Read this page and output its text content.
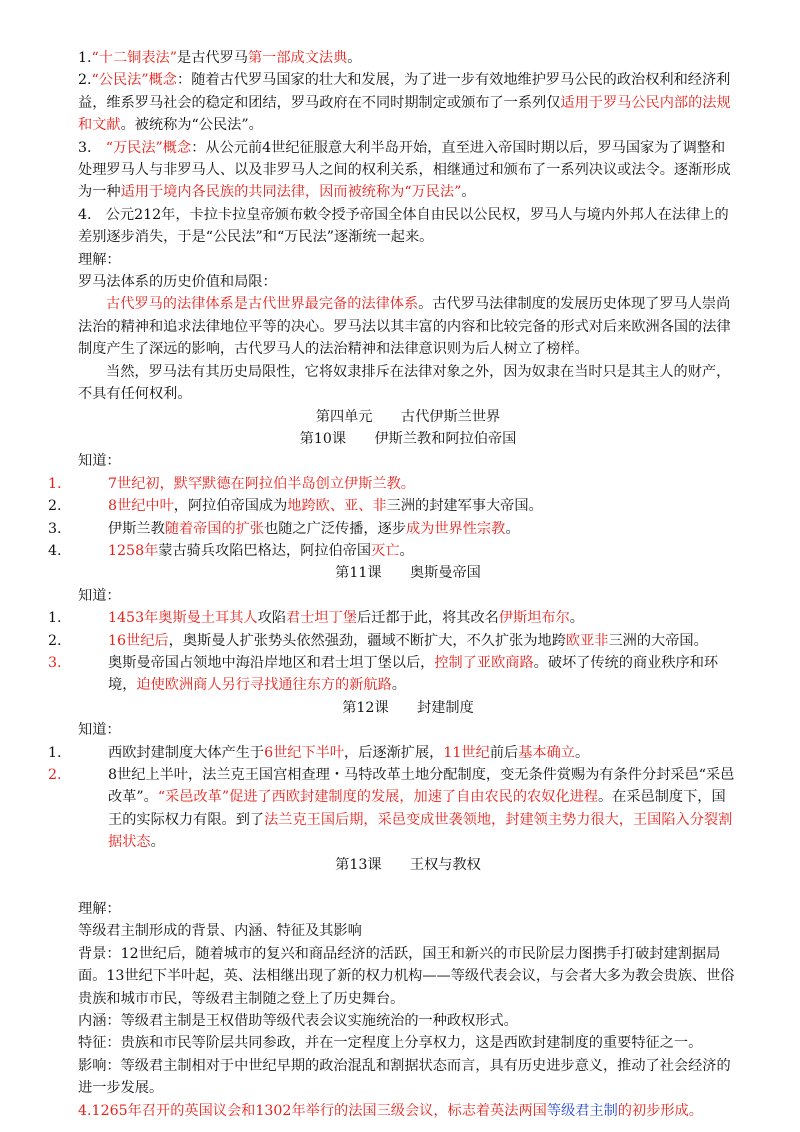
1.“十二铜表法”是古代罗马第一部成文法典。

2.“公民法”概念：随着古代罗马国家的壮大和发展，为了进一步有效地维护罗马公民的政治权利和经济利益，维系罗马社会的稳定和团结，罗马政府在不同时期制定或颁布了一系列仅适用于罗马公民内部的法规和文献。被统称为“公民法”。

3.　“万民法”概念：从公元前4世纪征服意大利半岛开始，直至进入帝国时期以后，罗马国家为了调整和处理罗马人与非罗马人、以及非罗马人之间的权利关系，相继通过和颁布了一系列决议或法令。逐渐形成为一种适用于境内各民族的共同法律，因而被统称为“万民法”。

4.　公元212年，卡拉卡拉皇帝颁布敕令授予帝国全体自由民以公民权，罗马人与境内外邦人在法律上的差别逐步消失，于是“公民法”和“万民法”逐渐统一起来。

理解：

罗马法体系的历史价值和局限：

古代罗马的法律体系是古代世界最完备的法律体系。古代罗马法律制度的发展历史体现了罗马人崇尚法治的精神和追求法律地位平等的决心。罗马法以其丰富的内容和比较完备的形式对后来欧洲各国的法律制度产生了深远的影响，古代罗马人的法治精神和法律意识则为后人树立了榜样。

当然，罗马法有其历史局限性，它将奴隶排斥在法律对象之外，因为奴隶在当时只是其主人的财产，不具有任何权利。

第四单元　　古代伊斯兰世界

第10课　　伊斯兰教和阿拉伯帝国

知道：

1.	7世纪初，默罕默德在阿拉伯半岛创立伊斯兰教。

2.	8世纪中叶，阿拉伯帝国成为地跨欧、亚、非三洲的封建军事大帝国。

3.	伊斯兰教随着帝国的扩张也随之广泛传播，逐步成为世界性宗教。

4.	1258年蒙古骑兵攻陷巴格达，阿拉伯帝国灭亡。

第11课　　奥斯曼帝国

知道：

1.	1453年奥斯曼土耳其人攻陷君士坦丁堡后迁都于此，将其改名伊斯坦布尔。

2.	16世纪后，奥斯曼人扩张势头依然强劲，疆域不断扩大，不久扩张为地跨欧亚非三洲的大帝国。

3.	奥斯曼帝国占领地中海沿岸地区和君士坦丁堡以后，控制了亚欧商路。破坏了传统的商业秩序和环境，迫使欧洲商人另行寻找通往东方的新航路。

第12课　　封建制度

知道：

1.	西欧封建制度大体产生于6世纪下半叶，后逐渐扩展，11世纪前后基本确立。

2.	8世纪上半叶，法兰克王国宫相查理・马特改革土地分配制度，变无条件赏赐为有条件分封采邑“采邑改革”。“采邑改革”促进了西欧封建制度的发展，加速了自由农民的农奴化进程。在采邑制度下，国王的实际权力有限。到了法兰克王国后期，采邑变成世袭领地，封建领主势力很大，王国陷入分裂割据状态。

第13课　　王权与教权

理解：

等级君主制形成的背景、内涵、特征及其影响

背景：12世纪后，随着城市的复兴和商品经济的活跃，国王和新兴的市民阶层力图携手打破封建割据局面。13世纪下半叶起，英、法相继出现了新的权力机构——等级代表会议，与会者大多为教会贵族、世俗贵族和城市市民，等级君主制随之登上了历史舞台。

内涵：等级君主制是王权借助等级代表会议实施统治的一种政权形式。

特征：贵族和市民等阶层共同参政，并在一定程度上分享权力，这是西欧封建制度的重要特征之一。

影响：等级君主制相对于中世纪早期的政治混乱和割据状态而言，具有历史进步意义，推动了社会经济的进一步发展。

4.1265年召开的英国议会和1302年举行的法国三级会议，标志着英法两国等级君主制的初步形成。
